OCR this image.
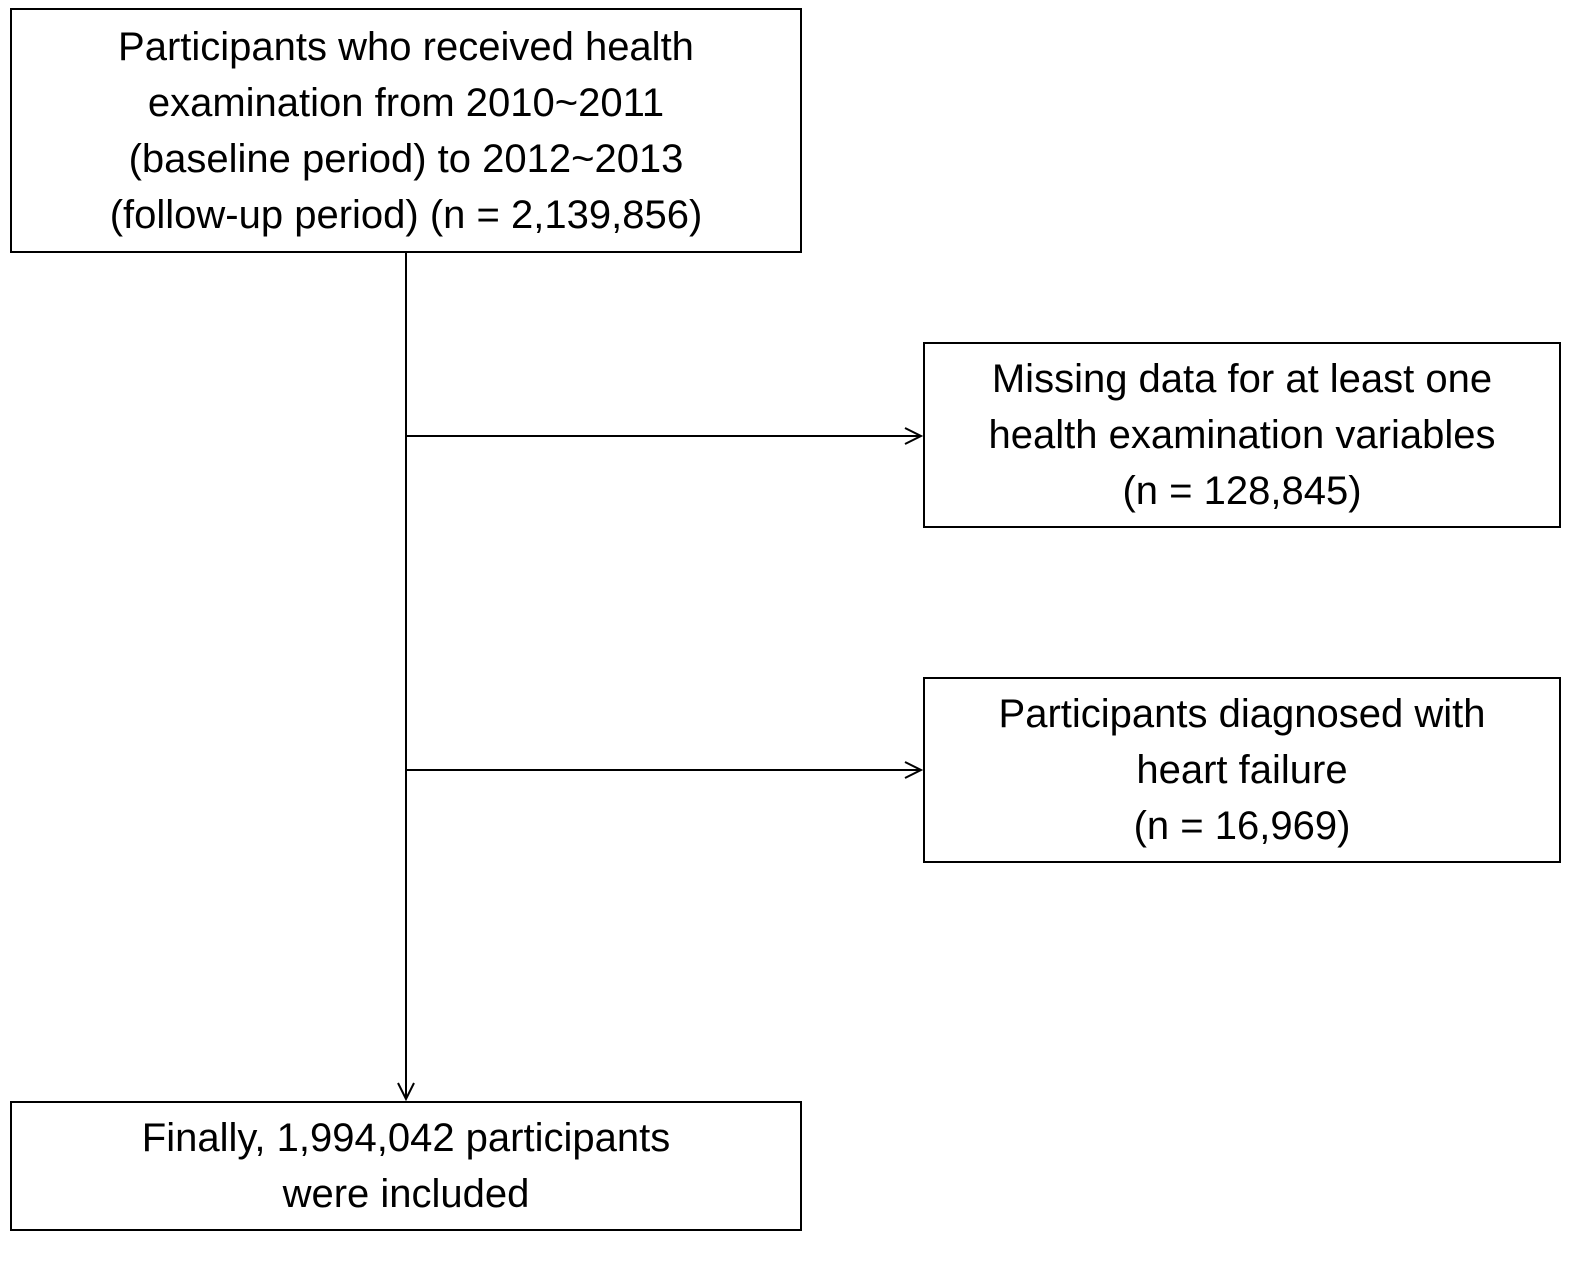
Participants who received health
examination from 2010~2011
(baseline period) to 2012~2013
(follow-up period) (n = 2,139,856)
Missing data for at least one
health examination variables
(n = 128,845)
Participants diagnosed with
heart failure
(n = 16,969)
Finally, 1,994,042 participants
were included
